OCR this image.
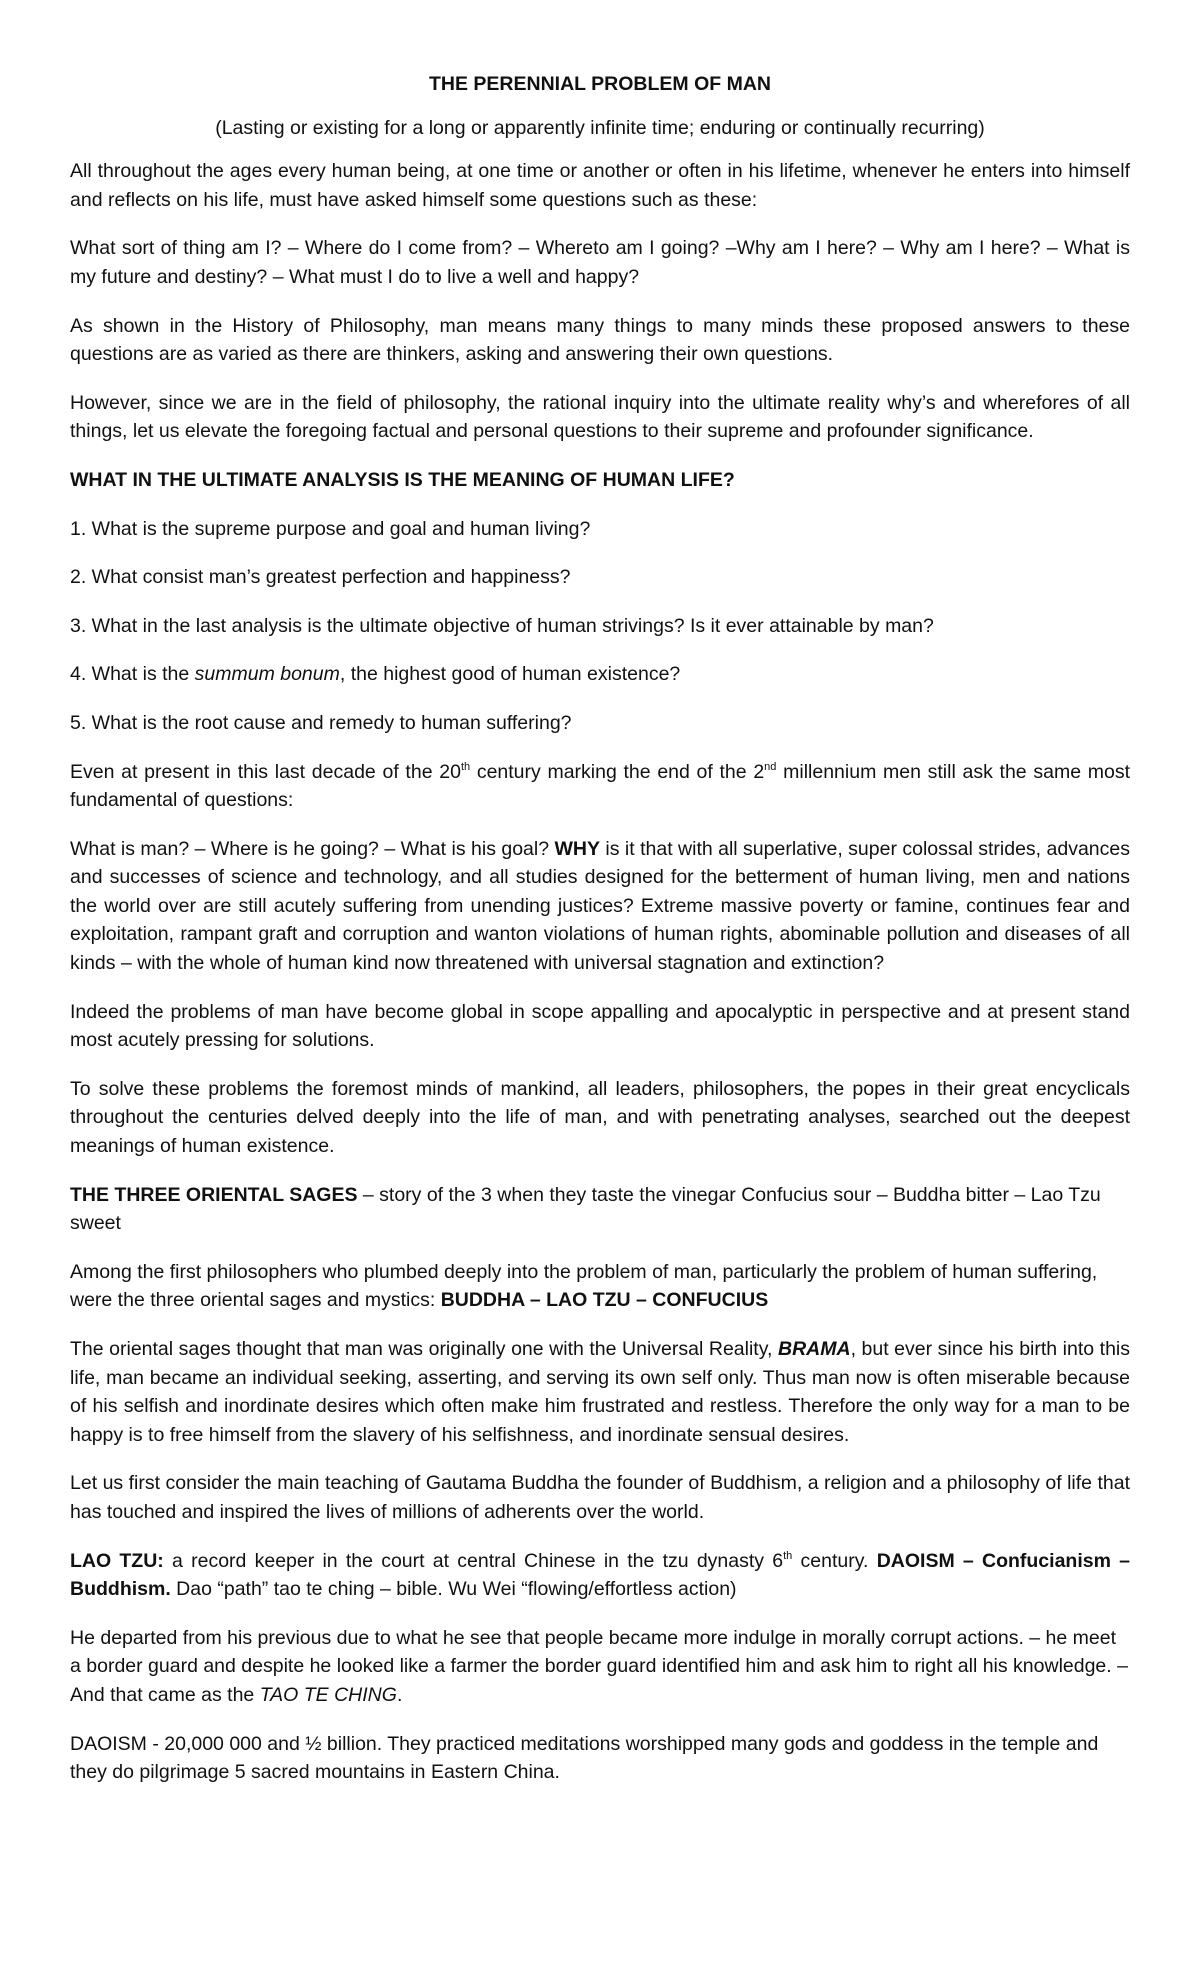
THE PERENNIAL PROBLEM OF MAN

(Lasting or existing for a long or apparently infinite time; enduring or continually recurring)

All throughout the ages every human being, at one time or another or often in his lifetime, whenever he enters into himself and reflects on his life, must have asked himself some questions such as these:

What sort of thing am I? – Where do I come from? – Whereto am I going? –Why am I here? – Why am I here? – What is my future and destiny? – What must I do to live a well and happy?

As shown in the History of Philosophy, man means many things to many minds these proposed answers to these questions are as varied as there are thinkers, asking and answering their own questions.

However, since we are in the field of philosophy, the rational inquiry into the ultimate reality why’s and wherefores of all things, let us elevate the foregoing factual and personal questions to their supreme and profounder significance.

WHAT IN THE ULTIMATE ANALYSIS IS THE MEANING OF HUMAN LIFE?

1. What is the supreme purpose and goal and human living?

2. What consist man’s greatest perfection and happiness?

3. What in the last analysis is the ultimate objective of human strivings? Is it ever attainable by man?

4. What is the summum bonum, the highest good of human existence?

5. What is the root cause and remedy to human suffering?

Even at present in this last decade of the 20th century marking the end of the 2nd millennium men still ask the same most fundamental of questions:

What is man? – Where is he going? – What is his goal? WHY is it that with all superlative, super colossal strides, advances and successes of science and technology, and all studies designed for the betterment of human living, men and nations the world over are still acutely suffering from unending justices? Extreme massive poverty or famine, continues fear and exploitation, rampant graft and corruption and wanton violations of human rights, abominable pollution and diseases of all kinds – with the whole of human kind now threatened with universal stagnation and extinction?

Indeed the problems of man have become global in scope appalling and apocalyptic in perspective and at present stand most acutely pressing for solutions.

To solve these problems the foremost minds of mankind, all leaders, philosophers, the popes in their great encyclicals throughout the centuries delved deeply into the life of man, and with penetrating analyses, searched out the deepest meanings of human existence.

THE THREE ORIENTAL SAGES – story of the 3 when they taste the vinegar Confucius sour – Buddha bitter – Lao Tzu sweet

Among the first philosophers who plumbed deeply into the problem of man, particularly the problem of human suffering, were the three oriental sages and mystics: BUDDHA – LAO TZU – CONFUCIUS

The oriental sages thought that man was originally one with the Universal Reality, BRAMA, but ever since his birth into this life, man became an individual seeking, asserting, and serving its own self only. Thus man now is often miserable because of his selfish and inordinate desires which often make him frustrated and restless. Therefore the only way for a man to be happy is to free himself from the slavery of his selfishness, and inordinate sensual desires.

Let us first consider the main teaching of Gautama Buddha the founder of Buddhism, a religion and a philosophy of life that has touched and inspired the lives of millions of adherents over the world.

LAO TZU: a record keeper in the court at central Chinese in the tzu dynasty 6th century. DAOISM – Confucianism – Buddhism. Dao “path” tao te ching – bible. Wu Wei “flowing/effortless action)

He departed from his previous due to what he see that people became more indulge in morally corrupt actions. – he meet a border guard and despite he looked like a farmer the border guard identified him and ask him to right all his knowledge. – And that came as the TAO TE CHING.

DAOISM - 20,000 000 and ½ billion. They practiced meditations worshipped many gods and goddess in the temple and they do pilgrimage 5 sacred mountains in Eastern China.
